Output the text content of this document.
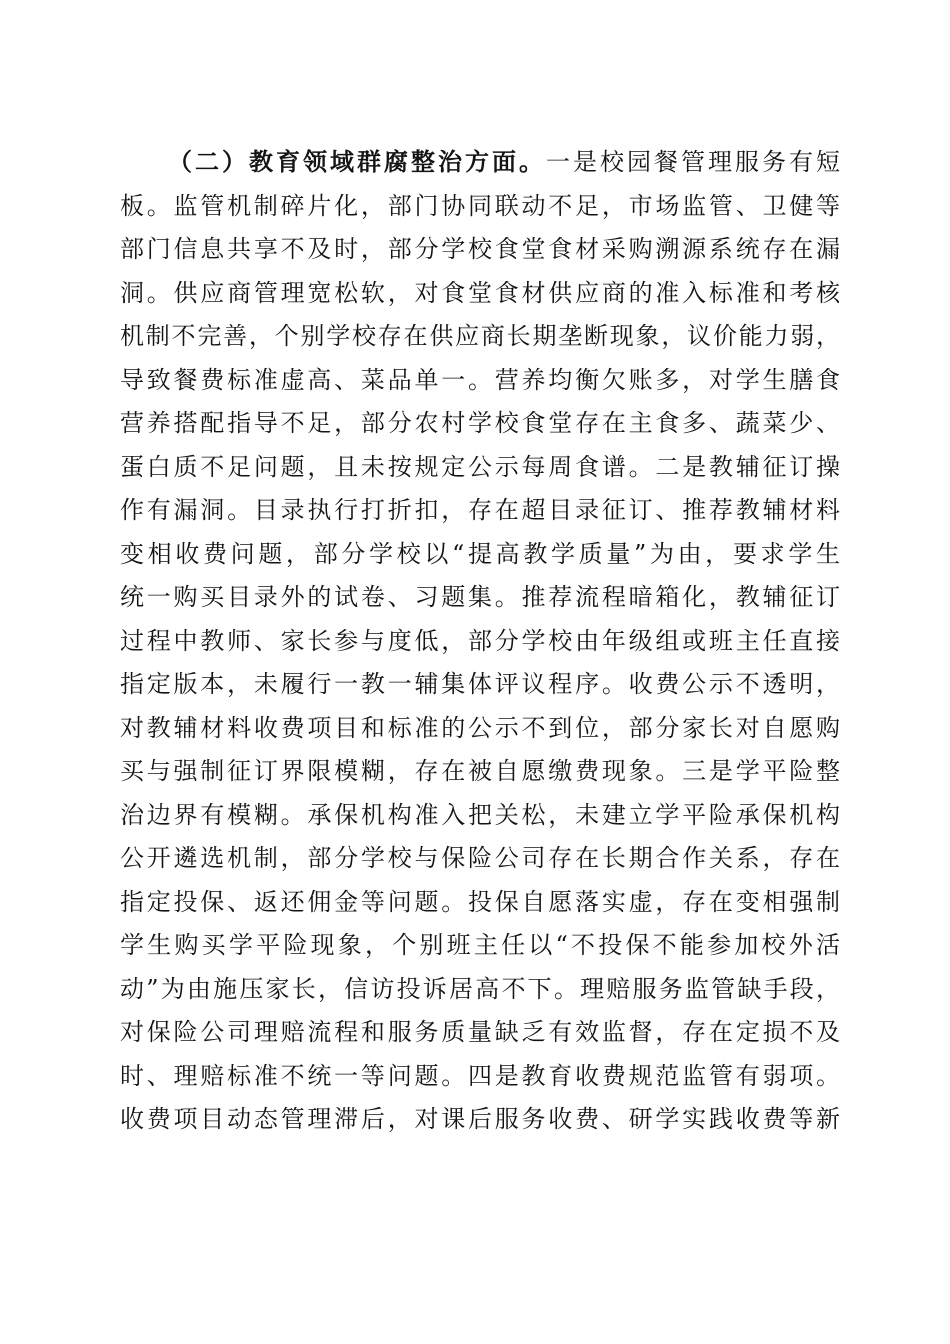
（二）教育领域群腐整治方面。一是校园餐管理服务有短
板。监管机制碎片化，部门协同联动不足，市场监管、卫健等
部门信息共享不及时，部分学校食堂食材采购溯源系统存在漏
洞。供应商管理宽松软，对食堂食材供应商的准入标准和考核
机制不完善，个别学校存在供应商长期垄断现象，议价能力弱，
导致餐费标准虚高、菜品单一。营养均衡欠账多，对学生膳食
营养搭配指导不足，部分农村学校食堂存在主食多、蔬菜少、
蛋白质不足问题，且未按规定公示每周食谱。二是教辅征订操
作有漏洞。目录执行打折扣，存在超目录征订、推荐教辅材料
变相收费问题，部分学校以“提高教学质量”为由，要求学生
统一购买目录外的试卷、习题集。推荐流程暗箱化，教辅征订
过程中教师、家长参与度低，部分学校由年级组或班主任直接
指定版本，未履行一教一辅集体评议程序。收费公示不透明，
对教辅材料收费项目和标准的公示不到位，部分家长对自愿购
买与强制征订界限模糊，存在被自愿缴费现象。三是学平险整
治边界有模糊。承保机构准入把关松，未建立学平险承保机构
公开遴选机制，部分学校与保险公司存在长期合作关系，存在
指定投保、返还佣金等问题。投保自愿落实虚，存在变相强制
学生购买学平险现象，个别班主任以“不投保不能参加校外活
动”为由施压家长，信访投诉居高不下。理赔服务监管缺手段，
对保险公司理赔流程和服务质量缺乏有效监督，存在定损不及
时、理赔标准不统一等问题。四是教育收费规范监管有弱项。
收费项目动态管理滞后，对课后服务收费、研学实践收费等新
